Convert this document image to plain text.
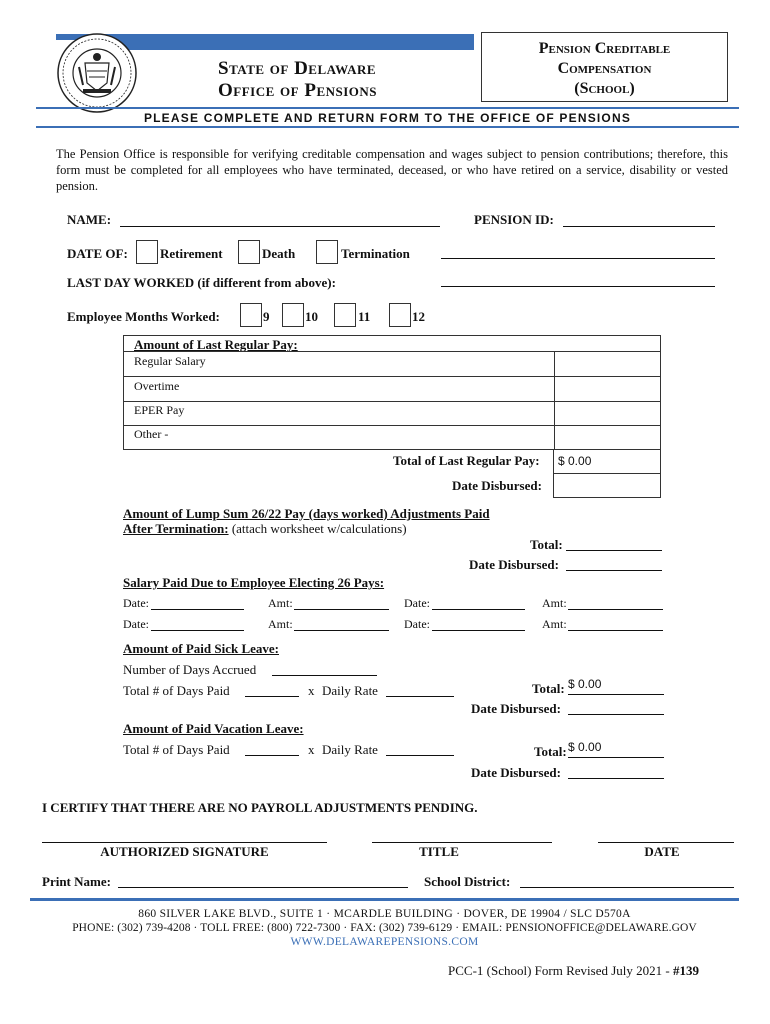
State of Delaware
Office of Pensions
Pension Creditable
Compensation
(School)
PLEASE COMPLETE AND RETURN FORM TO THE OFFICE OF PENSIONS
The Pension Office is responsible for verifying creditable compensation and wages subject to pension contributions; therefore, this form must be completed for all employees who have terminated, deceased, or who have retired on a service, disability or vested pension.
NAME:	PENSION ID:
DATE OF: Retirement	Death	Termination
LAST DAY WORKED (if different from above):
Employee Months Worked:	9	10	11	12
Amount of Last Regular Pay:
Regular Salary
Overtime
EPER Pay
Other -
Total of Last Regular Pay:	$ 0.00
Date Disbursed:
Amount of Lump Sum 26/22 Pay (days worked) Adjustments Paid
After Termination: (attach worksheet w/calculations)
Total:
Date Disbursed:
Salary Paid Due to Employee Electing 26 Pays:
Date:	Amt:	Date:	Amt:
Date:	Amt:	Date:	Amt:
Amount of Paid Sick Leave:
Number of Days Accrued
Total # of Days Paid	x Daily Rate	Total: $ 0.00
Date Disbursed:
Amount of Paid Vacation Leave:
Total # of Days Paid	x Daily Rate	Total: $ 0.00
Date Disbursed:
I CERTIFY THAT THERE ARE NO PAYROLL ADJUSTMENTS PENDING.
AUTHORIZED SIGNATURE	TITLE	DATE
Print Name:	School District:
860 SILVER LAKE BLVD., SUITE 1 · MCARDLE BUILDING · DOVER, DE 19904 / SLC D570A
PHONE: (302) 739-4208 · TOLL FREE: (800) 722-7300 · FAX: (302) 739-6129 · EMAIL: PENSIONOFFICE@DELAWARE.GOV
WWW.DELAWAREPENSIONS.COM
PCC-1 (School) Form Revised July 2021 - #139
